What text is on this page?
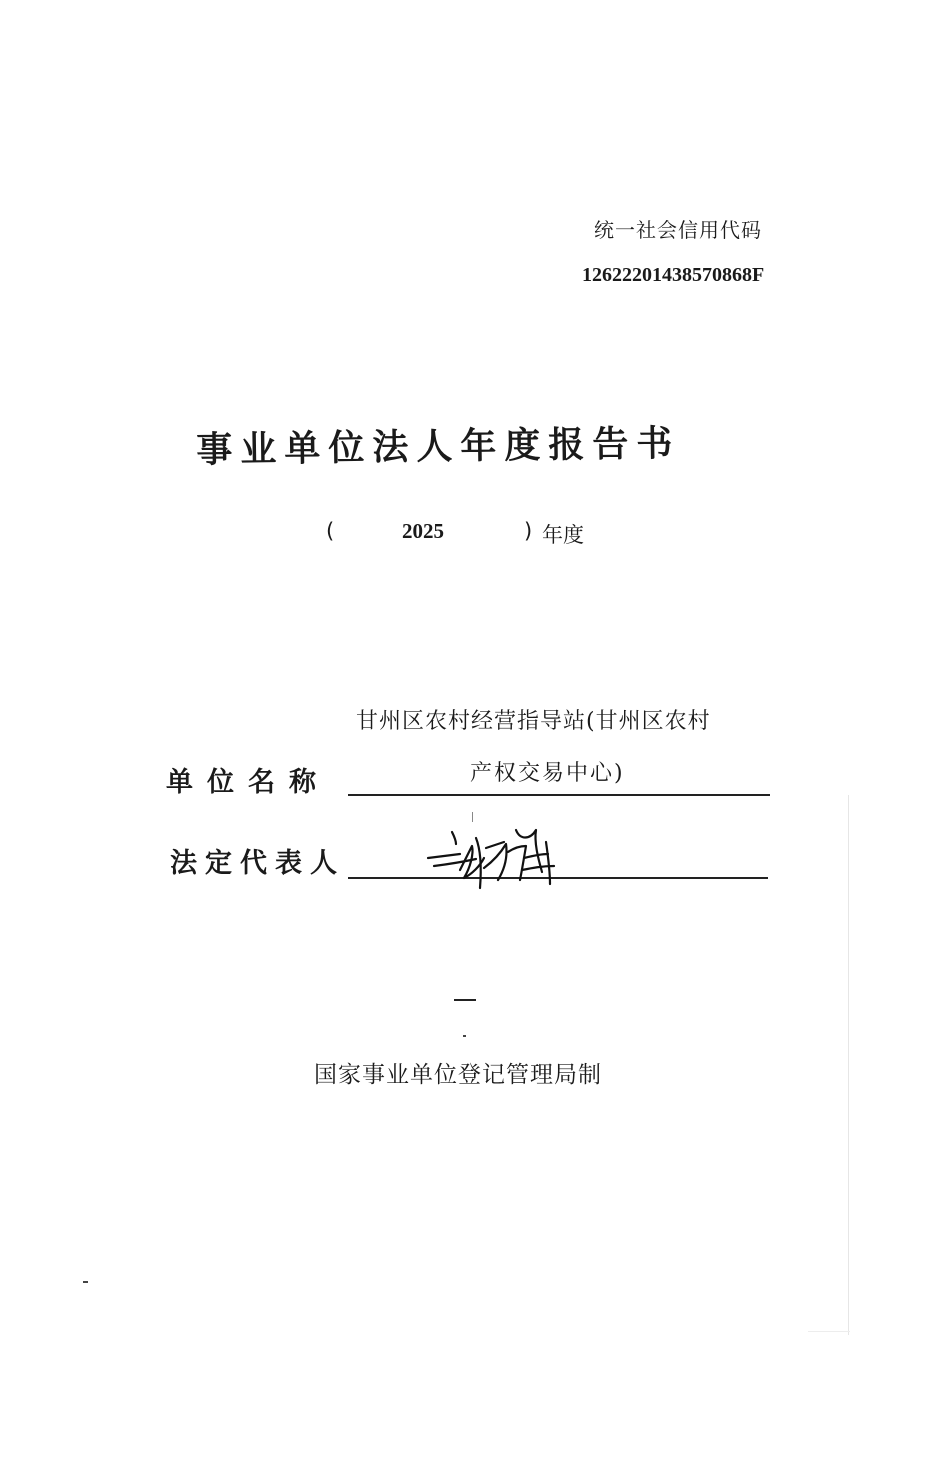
统一社会信用代码
12622201438570868F
事业单位法人年度报告书
(	2025	) 年度
甘州区农村经营指导站(甘州区农村
产权交易中心)
单位名称
法定代表人
国家事业单位登记管理局制
